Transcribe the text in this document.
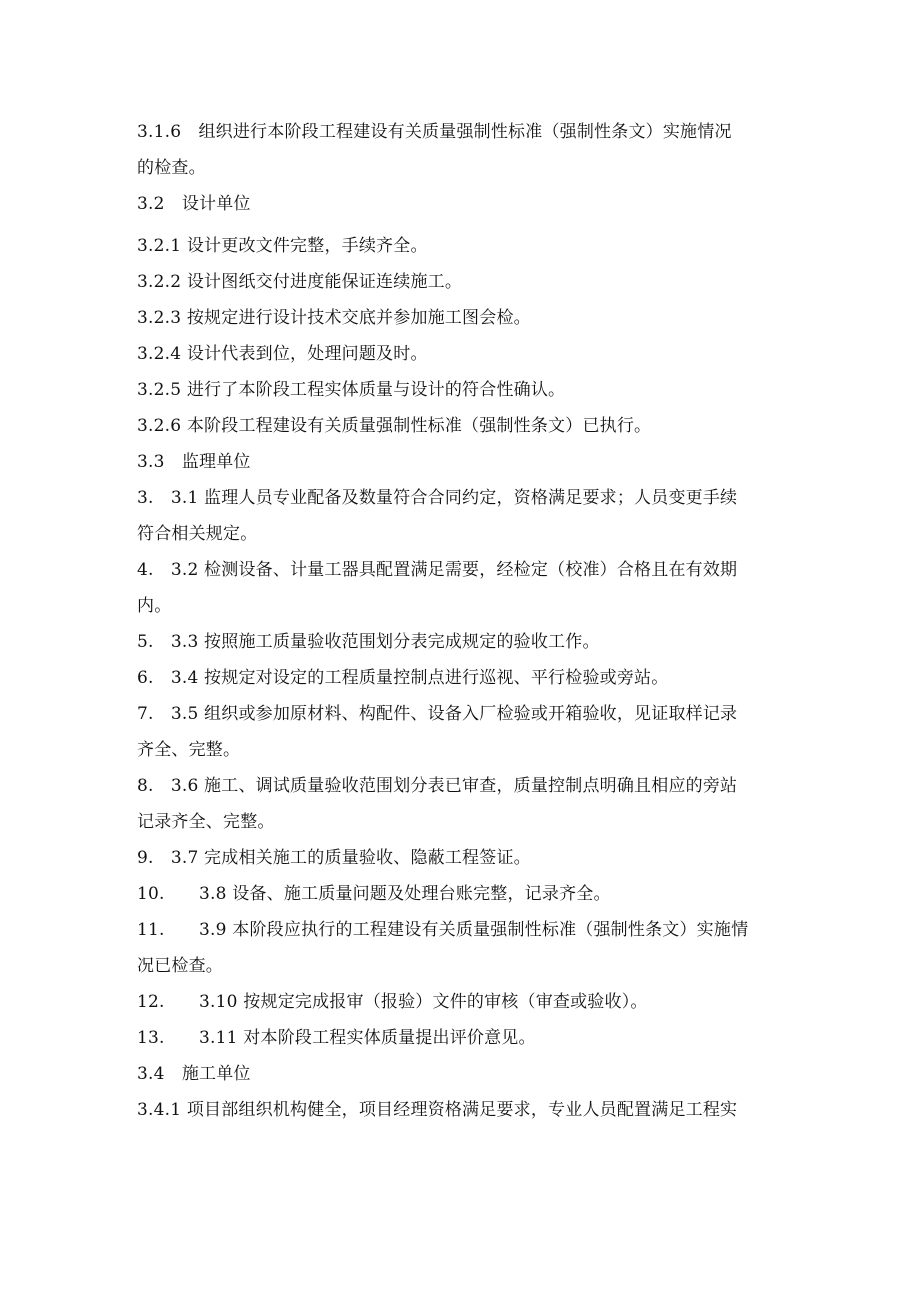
3.1.6　组织进行本阶段工程建设有关质量强制性标准（强制性条文）实施情况

的检查。

3.2　设计单位

3.2.1 设计更改文件完整，手续齐全。

3.2.2 设计图纸交付进度能保证连续施工。

3.2.3 按规定进行设计技术交底并参加施工图会检。

3.2.4 设计代表到位，处理问题及时。

3.2.5 进行了本阶段工程实体质量与设计的符合性确认。

3.2.6 本阶段工程建设有关质量强制性标准（强制性条文）已执行。

3.3　监理单位

3.　3.1 监理人员专业配备及数量符合合同约定，资格满足要求；人员变更手续

符合相关规定。

4.　3.2 检测设备、计量工器具配置满足需要，经检定（校准）合格且在有效期

内。

5.　3.3 按照施工质量验收范围划分表完成规定的验收工作。

6.　3.4 按规定对设定的工程质量控制点进行巡视、平行检验或旁站。

7.　3.5 组织或参加原材料、构配件、设备入厂检验或开箱验收，见证取样记录

齐全、完整。

8.　3.6 施工、调试质量验收范围划分表已审查，质量控制点明确且相应的旁站

记录齐全、完整。

9.　3.7 完成相关施工的质量验收、隐蔽工程签证。

10.　　3.8 设备、施工质量问题及处理台账完整，记录齐全。

11.　　3.9 本阶段应执行的工程建设有关质量强制性标准（强制性条文）实施情

况已检查。

12.　　3.10 按规定完成报审（报验）文件的审核（审查或验收）。

13.　　3.11 对本阶段工程实体质量提出评价意见。

3.4　施工单位

3.4.1 项目部组织机构健全，项目经理资格满足要求，专业人员配置满足工程实
